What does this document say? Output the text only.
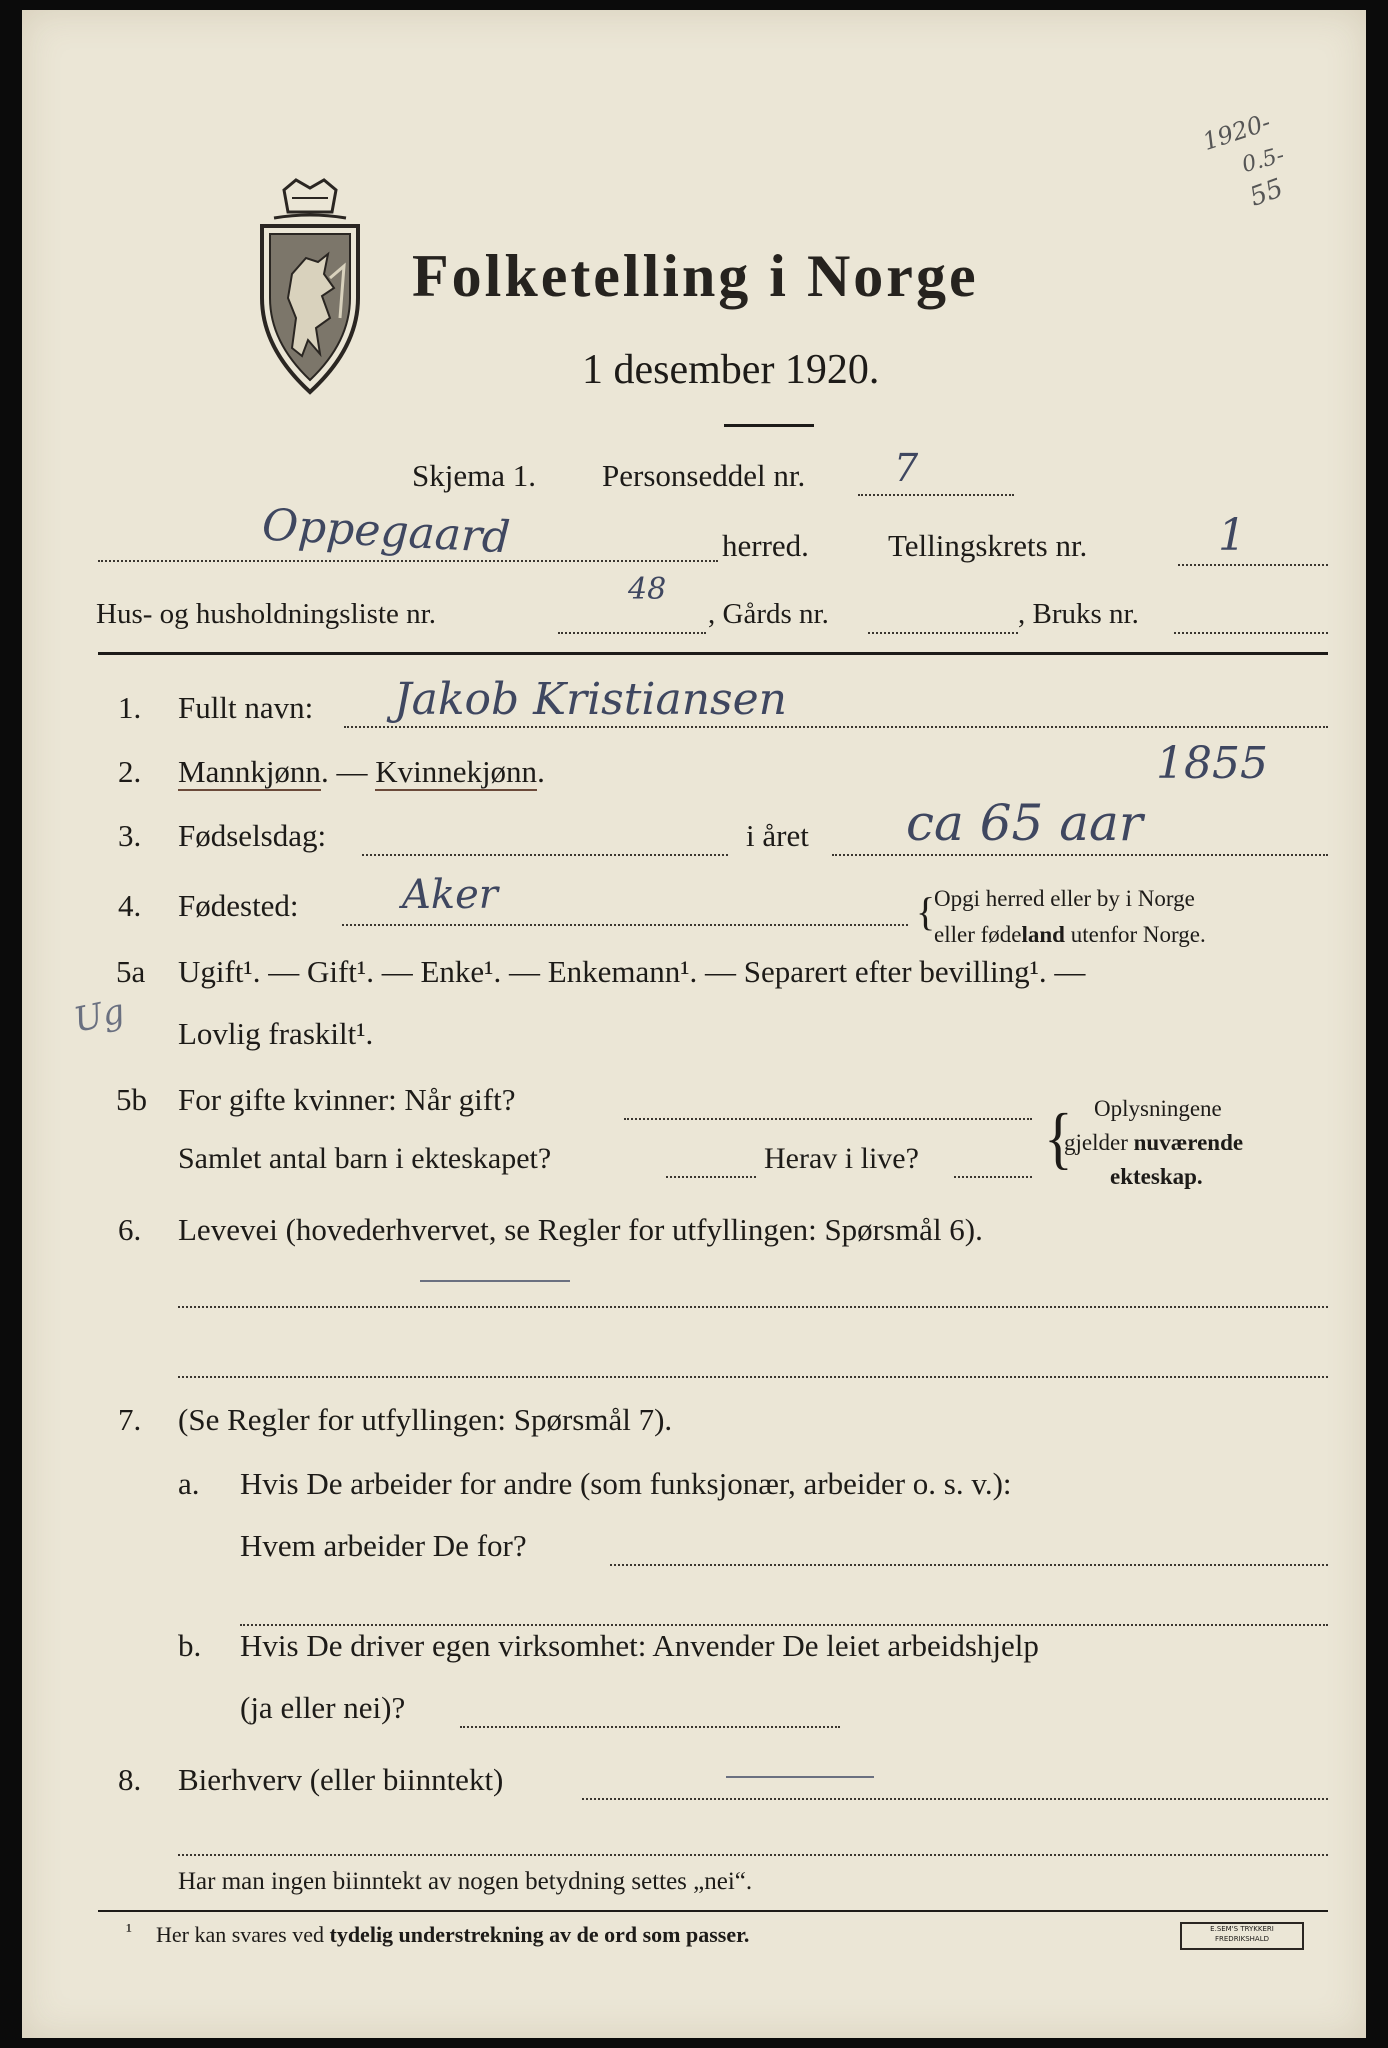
Folketelling i Norge
1 desember 1920.
1920-
0.5-
55
Skjema 1. Personseddel nr. 7
Oppegaard	herred.	Tellingskrets nr.	1
Hus- og husholdningsliste nr.
48
, Gårds nr.	, Bruks nr.
1. Fullt navn: Jakob Kristiansen
2. Mannkjønn. — Kvinnekjønn.	1855
3. Fødselsdag:	i året ca 65 aar
4. Fødested:	Aker	{
Opgi herred eller by i Norge
eller fødeland utenfor Norge.
5a Ugift¹. — Gift¹. — Enke¹. — Enkemann¹. — Separert efter bevilling¹. —
Ug Lovlig fraskilt¹.
5b For gifte kvinner: Når gift?
Samlet antal barn i ekteskapet?	Herav i live? { Oplysningene
gjelder nuværende
ekteskap.
6. Levevei (hovederhvervet, se Regler for utfyllingen: Spørsmål 6).
7. (Se Regler for utfyllingen: Spørsmål 7).
a. Hvis De arbeider for andre (som funksjonær, arbeider o. s. v.):
Hvem arbeider De for?
b. Hvis De driver egen virksomhet: Anvender De leiet arbeidshjelp
(ja eller nei)?
8. Bierhverv (eller biinntekt)
Har man ingen biinntekt av nogen betydning settes „nei“.
¹ Her kan svares ved tydelig understrekning av de ord som passer.	E.SEM'S TRYKKERI
FREDRIKSHALD
